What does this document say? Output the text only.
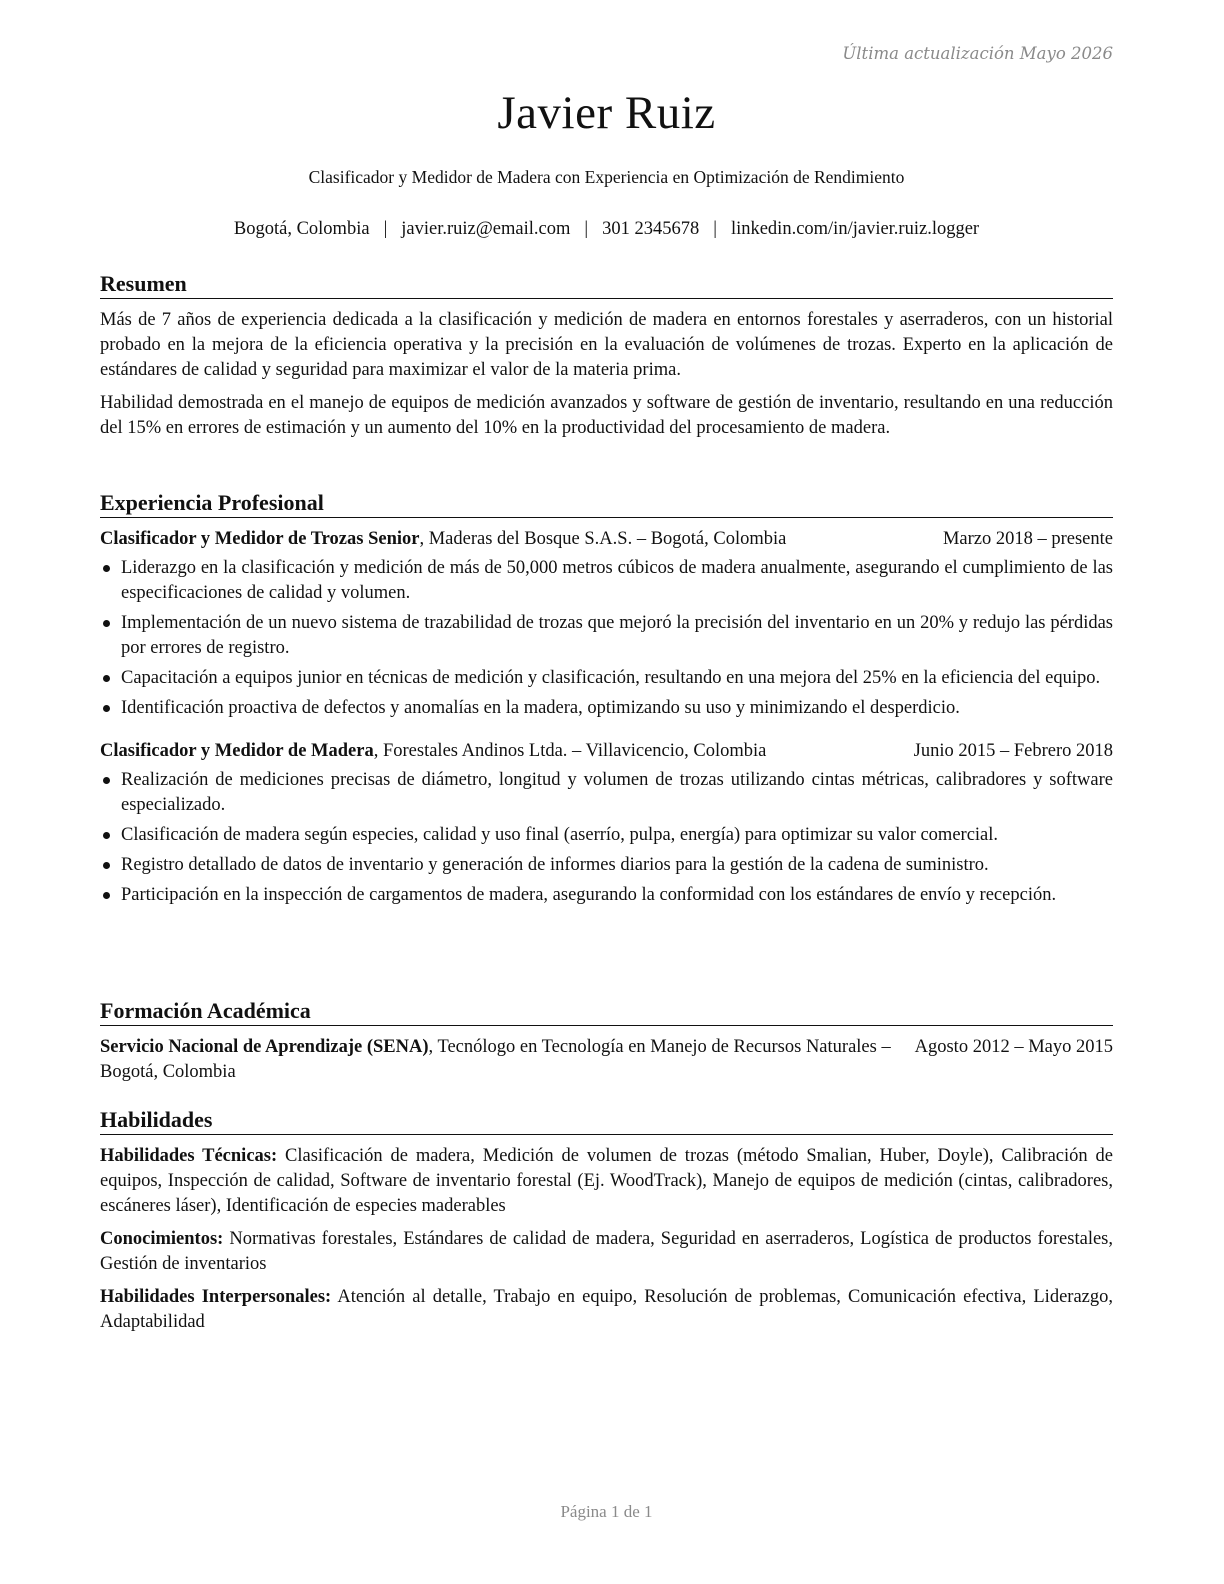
Última actualización Mayo 2026
Javier Ruiz
Clasificador y Medidor de Madera con Experiencia en Optimización de Rendimiento
Bogotá, Colombia | javier.ruiz@email.com | 301 2345678 | linkedin.com/in/javier.ruiz.logger
Resumen

Más de 7 años de experiencia dedicada a la clasificación y medición de madera en entornos forestales y aserraderos, con un historial probado en la mejora de la eficiencia operativa y la precisión en la evaluación de volúmenes de trozas. Experto en la aplicación de estándares de calidad y seguridad para maximizar el valor de la materia prima.

Habilidad demostrada en el manejo de equipos de medición avanzados y software de gestión de inventario, resultando en una reducción del 15% en errores de estimación y un aumento del 10% en la productividad del procesamiento de madera.

Experiencia Profesional
Clasificador y Medidor de Trozas Senior, Maderas del Bosque S.A.S. – Bogotá, Colombia	Marzo 2018 – presente
Liderazgo en la clasificación y medición de más de 50,000 metros cúbicos de madera anualmente, asegurando el cumplimiento de las especificaciones de calidad y volumen.
Implementación de un nuevo sistema de trazabilidad de trozas que mejoró la precisión del inventario en un 20% y redujo las pérdidas por errores de registro.
Capacitación a equipos junior en técnicas de medición y clasificación, resultando en una mejora del 25% en la eficiencia del equipo.
Identificación proactiva de defectos y anomalías en la madera, optimizando su uso y minimizando el desperdicio.
Clasificador y Medidor de Madera, Forestales Andinos Ltda. – Villavicencio, Colombia	Junio 2015 – Febrero 2018
Realización de mediciones precisas de diámetro, longitud y volumen de trozas utilizando cintas métricas, calibradores y software especializado.
Clasificación de madera según especies, calidad y uso final (aserrío, pulpa, energía) para optimizar su valor comercial.
Registro detallado de datos de inventario y generación de informes diarios para la gestión de la cadena de suministro.
Participación en la inspección de cargamentos de madera, asegurando la conformidad con los estándares de envío y recepción.
Formación Académica
Agosto 2012 – Mayo 2015
Servicio Nacional de Aprendizaje (SENA), Tecnólogo en Tecnología en Manejo de Recursos Naturales – Bogotá, Colombia
Habilidades

Habilidades Técnicas: Clasificación de madera, Medición de volumen de trozas (método Smalian, Huber, Doyle), Calibración de equipos, Inspección de calidad, Software de inventario forestal (Ej. WoodTrack), Manejo de equipos de medición (cintas, calibradores, escáneres láser), Identificación de especies maderables

Conocimientos: Normativas forestales, Estándares de calidad de madera, Seguridad en aserraderos, Logística de productos forestales, Gestión de inventarios

Habilidades Interpersonales: Atención al detalle, Trabajo en equipo, Resolución de problemas, Comunicación efectiva, Liderazgo, Adaptabilidad

Página 1 de 1
